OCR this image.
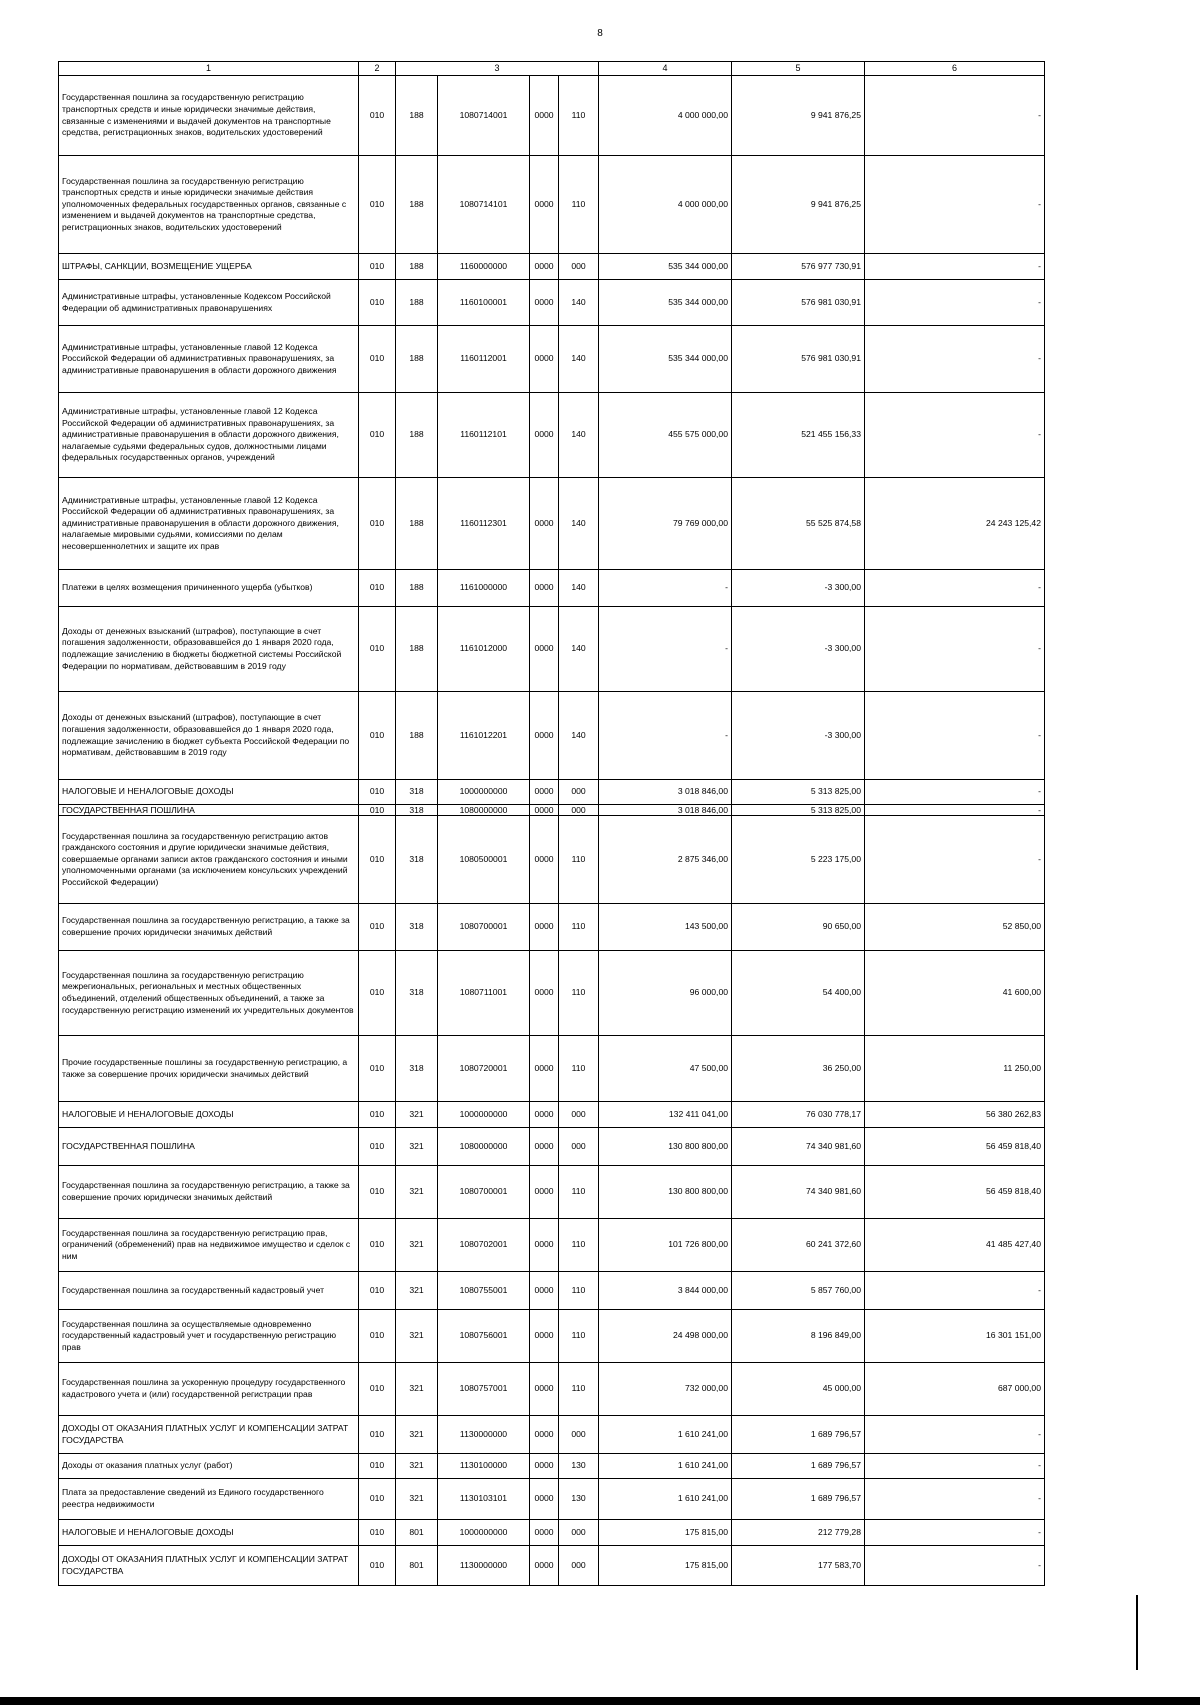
8
1	2	3				4	5	6
Государственная пошлина за государственную регистрацию транспортных средств и иные юридически значимые действия, связанные с изменениями и выдачей документов на транспортные средства, регистрационных знаков, водительских удостоверений	010	188	1080714001	0000	110	4 000 000,00	9 941 876,25	-
Государственная пошлина за государственную регистрацию транспортных средств и иные юридически значимые действия уполномоченных федеральных государственных органов, связанные с изменением и выдачей документов на транспортные средства, регистрационных знаков, водительских удостоверений	010	188	1080714101	0000	110	4 000 000,00	9 941 876,25	-
ШТРАФЫ, САНКЦИИ, ВОЗМЕЩЕНИЕ УЩЕРБА	010	188	1160000000	0000	000	535 344 000,00	576 977 730,91	-
Административные штрафы, установленные Кодексом Российской Федерации об административных правонарушениях	010	188	1160100001	0000	140	535 344 000,00	576 981 030,91	-
Административные штрафы, установленные главой 12 Кодекса Российской Федерации об административных правонарушениях, за административные правонарушения в области дорожного движения	010	188	1160112001	0000	140	535 344 000,00	576 981 030,91	-
Административные штрафы, установленные главой 12 Кодекса Российской Федерации об административных правонарушениях, за административные правонарушения в области дорожного движения, налагаемые судьями федеральных судов, должностными лицами федеральных государственных органов, учреждений	010	188	1160112101	0000	140	455 575 000,00	521 455 156,33	-
Административные штрафы, установленные главой 12 Кодекса Российской Федерации об административных правонарушениях, за административные правонарушения в области дорожного движения, налагаемые мировыми судьями, комиссиями по делам несовершеннолетних и защите их прав	010	188	1160112301	0000	140	79 769 000,00	55 525 874,58	24 243 125,42
Платежи в целях возмещения причиненного ущерба (убытков)	010	188	1161000000	0000	140	-	-3 300,00	-
Доходы от денежных взысканий (штрафов), поступающие в счет погашения задолженности, образовавшейся до 1 января 2020 года, подлежащие зачислению в бюджеты бюджетной системы Российской Федерации по нормативам, действовавшим в 2019 году	010	188	1161012000	0000	140	-	-3 300,00	-
Доходы от денежных взысканий (штрафов), поступающие в счет погашения задолженности, образовавшейся до 1 января 2020 года, подлежащие зачислению в бюджет субъекта Российской Федерации по нормативам, действовавшим в 2019 году	010	188	1161012201	0000	140	-	-3 300,00	-
НАЛОГОВЫЕ И НЕНАЛОГОВЫЕ ДОХОДЫ	010	318	1000000000	0000	000	3 018 846,00	5 313 825,00	-
ГОСУДАРСТВЕННАЯ ПОШЛИНА	010	318	1080000000	0000	000	3 018 846,00	5 313 825,00	-
Государственная пошлина за государственную регистрацию актов гражданского состояния и другие юридически значимые действия, совершаемые органами записи актов гражданского состояния и иными уполномоченными органами (за исключением консульских учреждений Российской Федерации)	010	318	1080500001	0000	110	2 875 346,00	5 223 175,00	-
Государственная пошлина за государственную регистрацию, а также за совершение прочих юридически значимых действий	010	318	1080700001	0000	110	143 500,00	90 650,00	52 850,00
Государственная пошлина за государственную регистрацию межрегиональных, региональных и местных общественных объединений, отделений общественных объединений, а также за государственную регистрацию изменений их учредительных документов	010	318	1080711001	0000	110	96 000,00	54 400,00	41 600,00
Прочие государственные пошлины за государственную регистрацию, а также за совершение прочих юридически значимых действий	010	318	1080720001	0000	110	47 500,00	36 250,00	11 250,00
НАЛОГОВЫЕ И НЕНАЛОГОВЫЕ ДОХОДЫ	010	321	1000000000	0000	000	132 411 041,00	76 030 778,17	56 380 262,83
ГОСУДАРСТВЕННАЯ ПОШЛИНА	010	321	1080000000	0000	000	130 800 800,00	74 340 981,60	56 459 818,40
Государственная пошлина за государственную регистрацию, а также за совершение прочих юридически значимых действий	010	321	1080700001	0000	110	130 800 800,00	74 340 981,60	56 459 818,40
Государственная пошлина за государственную регистрацию прав, ограничений (обременений) прав на недвижимое имущество и сделок с ним	010	321	1080702001	0000	110	101 726 800,00	60 241 372,60	41 485 427,40
Государственная пошлина за государственный кадастровый учет	010	321	1080755001	0000	110	3 844 000,00	5 857 760,00	-
Государственная пошлина за осуществляемые одновременно государственный кадастровый учет и государственную регистрацию прав	010	321	1080756001	0000	110	24 498 000,00	8 196 849,00	16 301 151,00
Государственная пошлина за ускоренную процедуру государственного кадастрового учета и (или) государственной регистрации прав	010	321	1080757001	0000	110	732 000,00	45 000,00	687 000,00
ДОХОДЫ ОТ ОКАЗАНИЯ ПЛАТНЫХ УСЛУГ И КОМПЕНСАЦИИ ЗАТРАТ ГОСУДАРСТВА	010	321	1130000000	0000	000	1 610 241,00	1 689 796,57	-
Доходы от оказания платных услуг (работ)	010	321	1130100000	0000	130	1 610 241,00	1 689 796,57	-
Плата за предоставление сведений из Единого государственного реестра недвижимости	010	321	1130103101	0000	130	1 610 241,00	1 689 796,57	-
НАЛОГОВЫЕ И НЕНАЛОГОВЫЕ ДОХОДЫ	010	801	1000000000	0000	000	175 815,00	212 779,28	-
ДОХОДЫ ОТ ОКАЗАНИЯ ПЛАТНЫХ УСЛУГ И КОМПЕНСАЦИИ ЗАТРАТ ГОСУДАРСТВА	010	801	1130000000	0000	000	175 815,00	177 583,70	-
